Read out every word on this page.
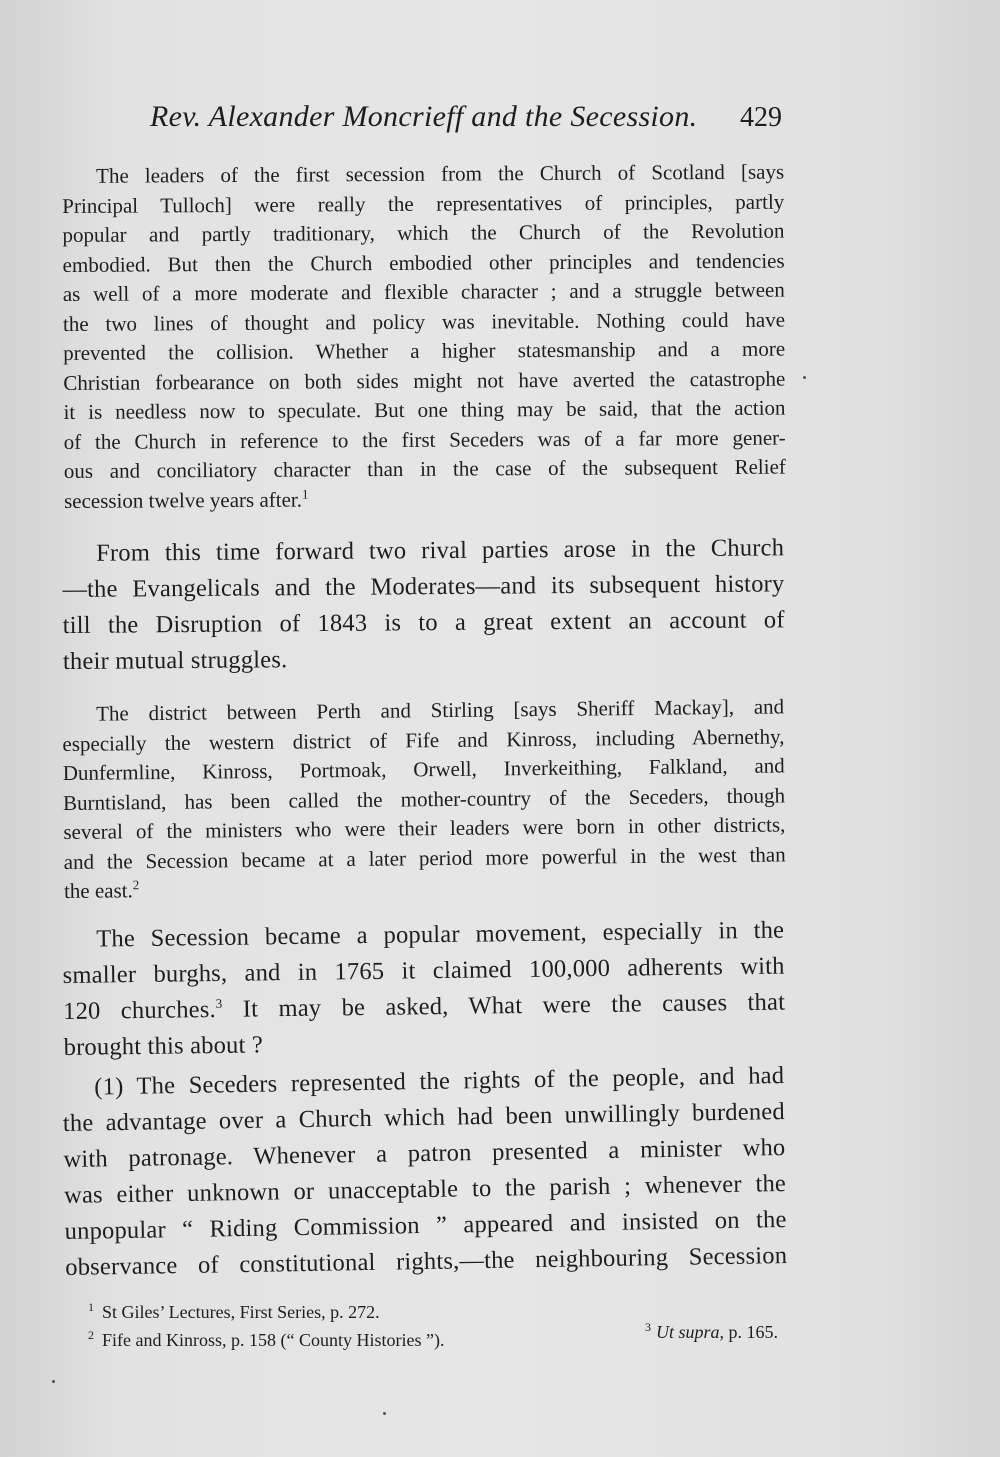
Rev. Alexander Moncrieff and the Secession. 429
The leaders of the first secession from the Church of Scotland [says
Principal Tulloch] were really the representatives of principles, partly
popular and partly traditionary, which the Church of the Revolution
embodied. But then the Church embodied other principles and tendencies
as well of a more moderate and flexible character ; and a struggle between
the two lines of thought and policy was inevitable. Nothing could have
prevented the collision. Whether a higher statesmanship and a more
Christian forbearance on both sides might not have averted the catastrophe
it is needless now to speculate. But one thing may be said, that the action
of the Church in reference to the first Seceders was of a far more gener-
ous and conciliatory character than in the case of the subsequent Relief
secession twelve years after.$^1$
From this time forward two rival parties arose in the Church
—the Evangelicals and the Moderates—and its subsequent history
till the Disruption of 1843 is to a great extent an account of
their mutual struggles.
The district between Perth and Stirling [says Sheriff Mackay], and
especially the western district of Fife and Kinross, including Abernethy,
Dunfermline, Kinross, Portmoak, Orwell, Inverkeithing, Falkland, and
Burntisland, has been called the mother-country of the Seceders, though
several of the ministers who were their leaders were born in other districts,
and the Secession became at a later period more powerful in the west than
the east.$^2$
The Secession became a popular movement, especially in the
smaller burghs, and in 1765 it claimed 100,000 adherents with
120 churches.$^3$ It may be asked, What were the causes that
brought this about ?
(1) The Seceders represented the rights of the people, and had
the advantage over a Church which had been unwillingly burdened
with patronage. Whenever a patron presented a minister who
was either unknown or unacceptable to the parish ; whenever the
unpopular “ Riding Commission ” appeared and insisted on the
observance of constitutional rights,—the neighbouring Secession
$^1$ St Giles’ Lectures, First Series, p. 272.
$^2$ Fife and Kinross, p. 158 (“ County Histories ”).
$^3$ Ut supra, p. 165.
